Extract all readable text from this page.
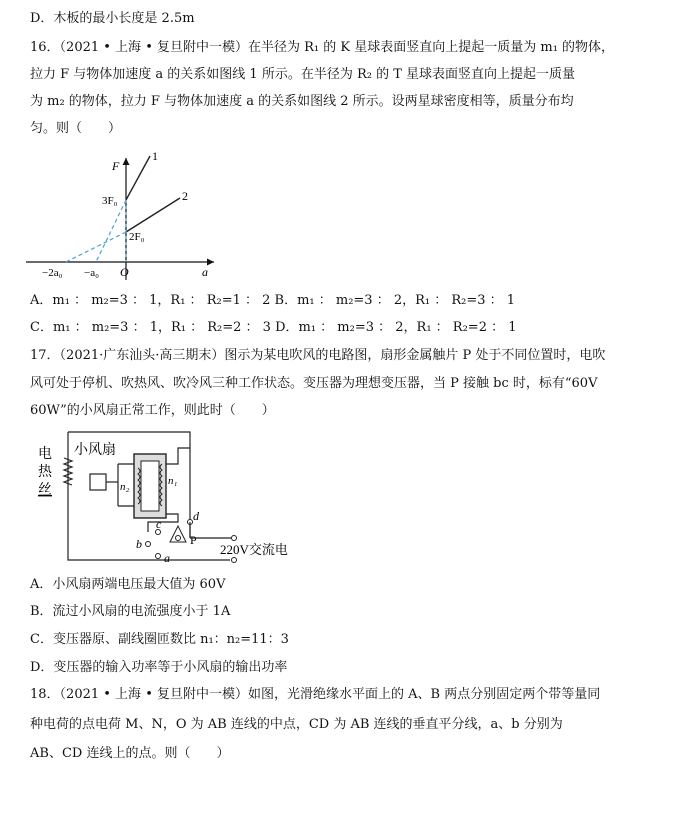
D．木板的最小长度是 2.5m
16．（2021 • 上海 • 复旦附中一模）在半径为 R₁ 的 K 星球表面竖直向上提起一质量为 m₁ 的物体，
拉力 F 与物体加速度 a 的关系如图线 1 所示。在半径为 R₂ 的 T 星球表面竖直向上提起一质量
为 m₂ 的物体，拉力 F 与物体加速度 a 的关系如图线 2 所示。设两星球密度相等，质量分布均
匀。则（　　）
F
a
O
1
2
3F₀
2F₀
−2a₀ −a₀
A．m₁ ： m₂=3 ： 1，R₁ ： R₂=1 ： 2 B．m₁ ： m₂=3 ： 2，R₁ ： R₂=3 ： 1
C．m₁ ： m₂=3 ： 1，R₁ ： R₂=2 ： 3 D．m₁ ： m₂=3 ： 2，R₁ ： R₂=2 ： 1
17．（2021·广东汕头·高三期末）图示为某电吹风的电路图，扇形金属触片 P 处于不同位置时，电吹
风可处于停机、吹热风、吹冷风三种工作状态。变压器为理想变压器，当 P 接触 bc 时，标有“60V
60W”的小风扇正常工作，则此时（　　）
电
热
丝
小风扇
n₂	n₁
c
b
a
d
P
220V交流电
A．小风扇两端电压最大值为 60V
B．流过小风扇的电流强度小于 1A
C．变压器原、副线圈匝数比 n₁：n₂=11：3
D．变压器的输入功率等于小风扇的输出功率
18．（2021 • 上海 • 复旦附中一模）如图，光滑绝缘水平面上的 A、B 两点分别固定两个带等量同
种电荷的点电荷 M、N，O 为 AB 连线的中点，CD 为 AB 连线的垂直平分线，a、b 分别为
AB、CD 连线上的点。则（　　）
